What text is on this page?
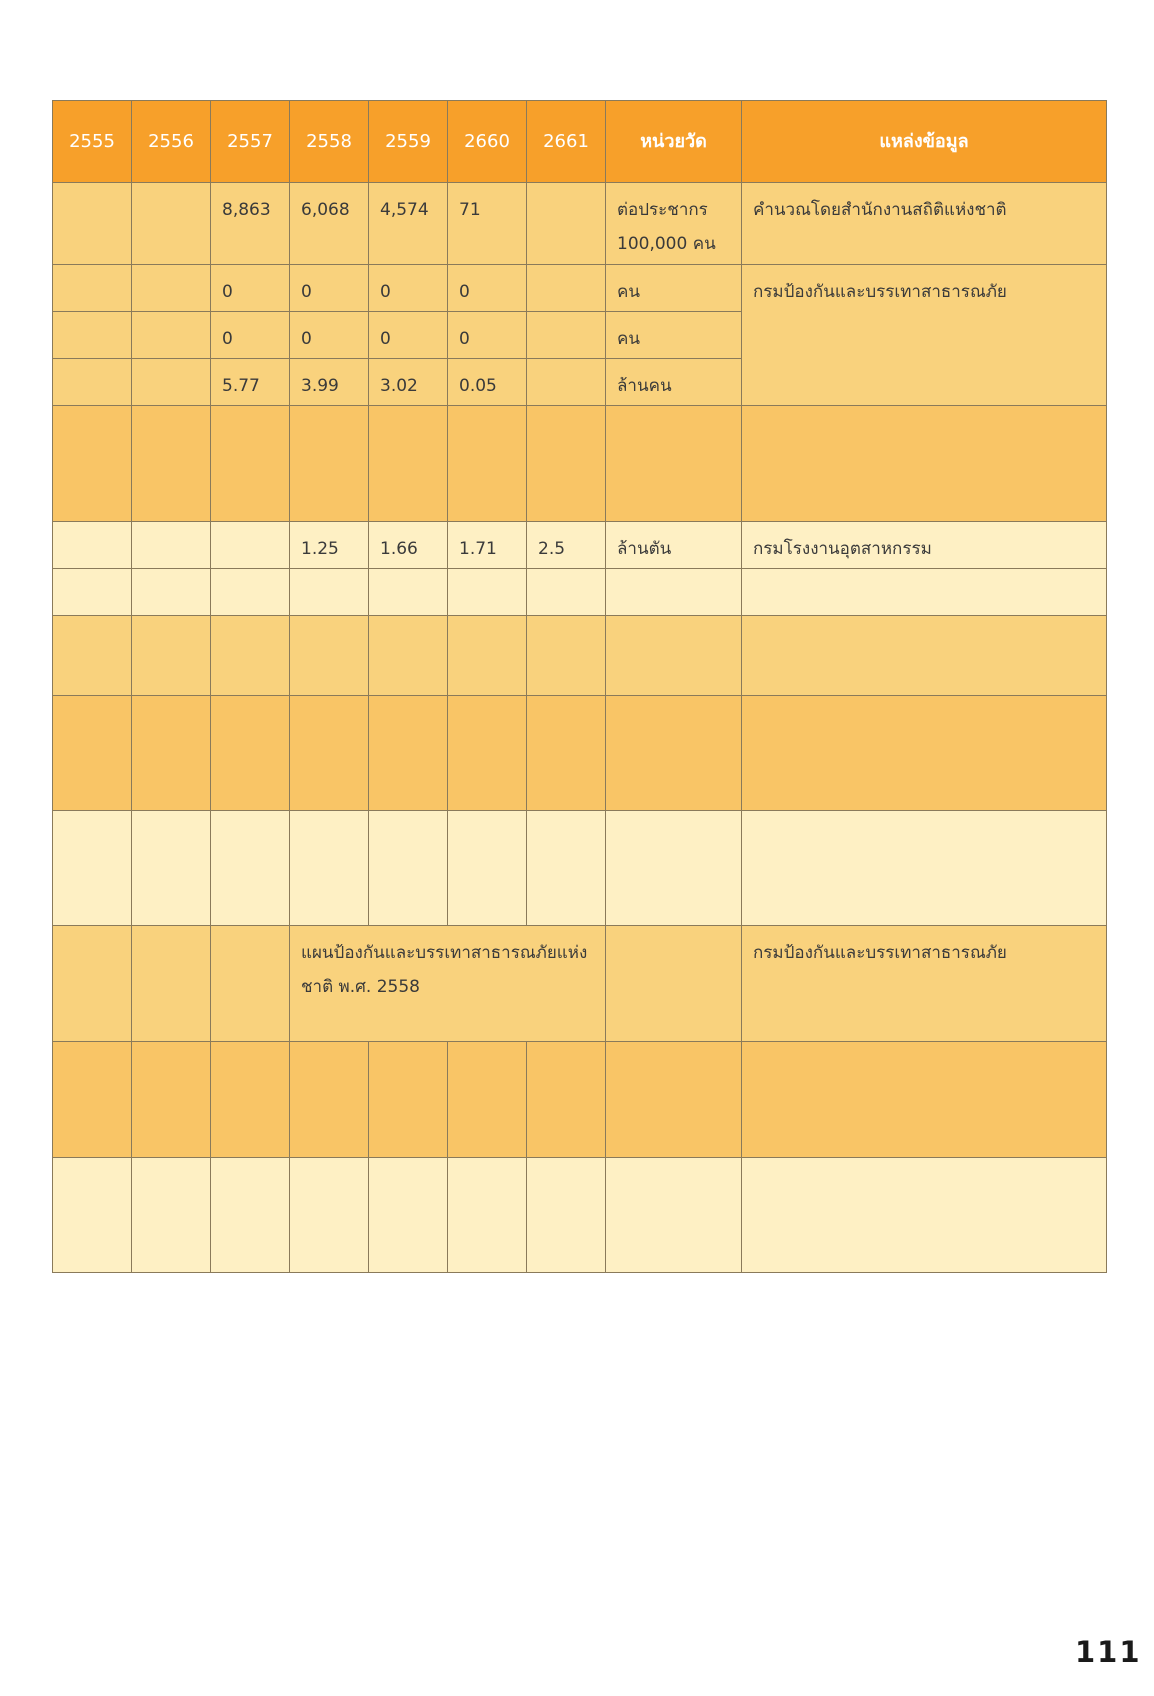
2555	2556	2557	2558	2559	2660	2661	หน่วยวัด	แหล่งข้อมูล
		8,863	6,068	4,574	71		ต่อประชากร 100,000 คน	คำนวณโดยสำนักงานสถิติแห่งชาติ
		0	0	0	0		คน	กรมป้องกันและบรรเทาสาธารณภัย
		0	0	0	0		คน	
		5.77	3.99	3.02	0.05		ล้านคน	

			1.25	1.66	1.71	2.5	ล้านตัน	กรมโรงงานอุตสาหกรรม

			แผนป้องกันและบรรเทาสาธารณภัยแห่งชาติ พ.ศ. 2558					กรมป้องกันและบรรเทาสาธารณภัย

111
